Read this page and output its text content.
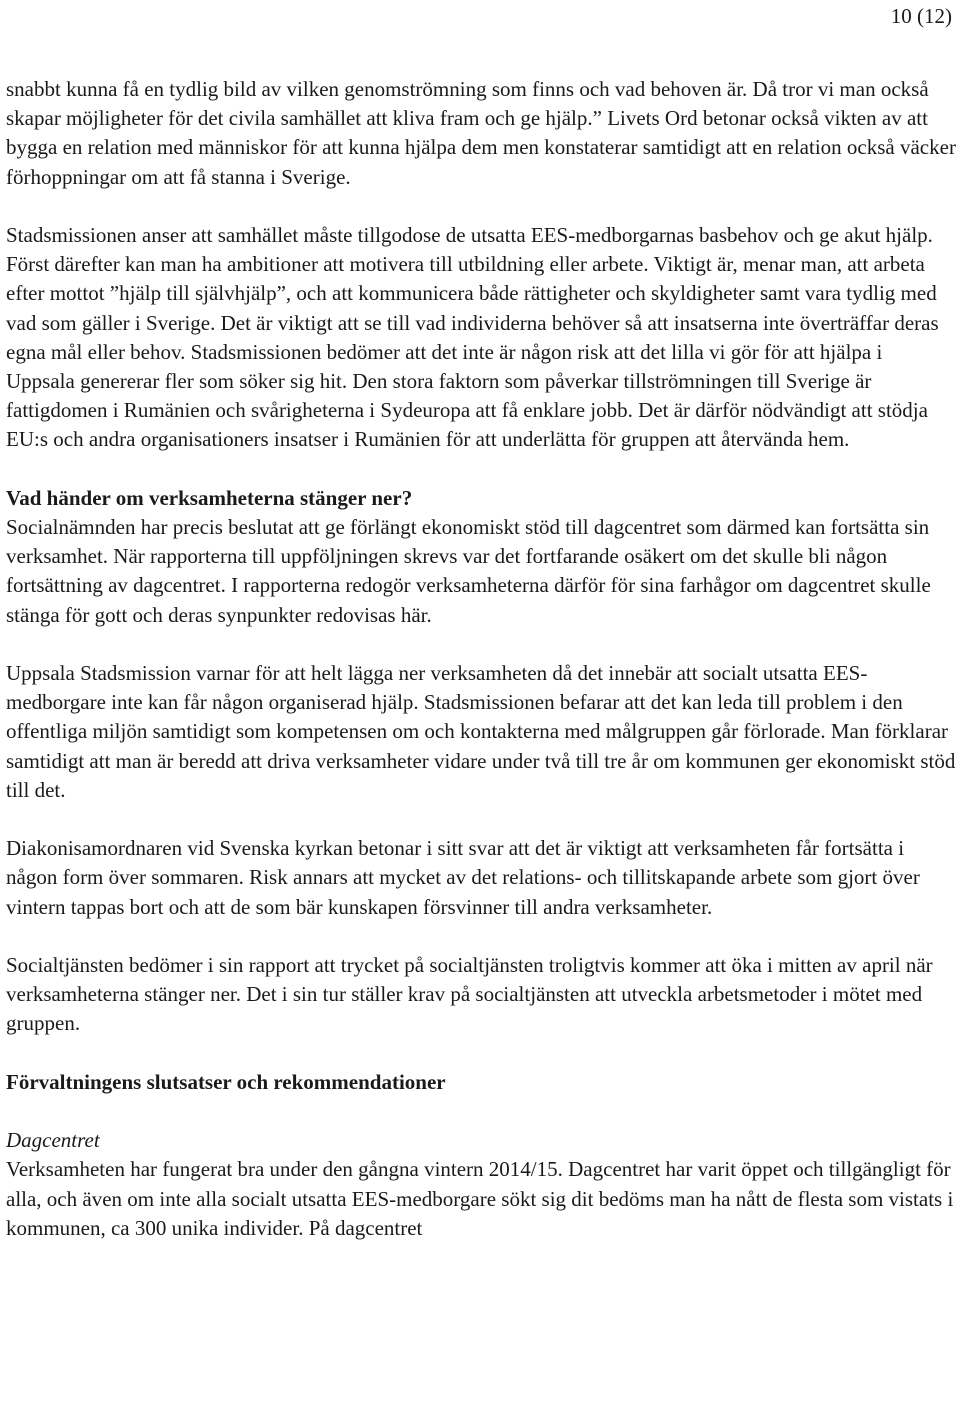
10 (12)

snabbt kunna få en tydlig bild av vilken genomströmning som finns och vad behoven är. Då tror vi man också skapar möjligheter för det civila samhället att kliva fram och ge hjälp.” Livets Ord betonar också vikten av att bygga en relation med människor för att kunna hjälpa dem men konstaterar samtidigt att en relation också väcker förhoppningar om att få stanna i Sverige.

Stadsmissionen anser att samhället måste tillgodose de utsatta EES-medborgarnas basbehov och ge akut hjälp. Först därefter kan man ha ambitioner att motivera till utbildning eller arbete. Viktigt är, menar man, att arbeta efter mottot ”hjälp till självhjälp”, och att kommunicera både rättigheter och skyldigheter samt vara tydlig med vad som gäller i Sverige. Det är viktigt att se till vad individerna behöver så att insatserna inte överträffar deras egna mål eller behov. Stadsmissionen bedömer att det inte är någon risk att det lilla vi gör för att hjälpa i Uppsala genererar fler som söker sig hit. Den stora faktorn som påverkar tillströmningen till Sverige är fattigdomen i Rumänien och svårigheterna i Sydeuropa att få enklare jobb. Det är därför nödvändigt att stödja EU:s och andra organisationers insatser i Rumänien för att underlätta för gruppen att återvända hem.

Vad händer om verksamheterna stänger ner?

Socialnämnden har precis beslutat att ge förlängt ekonomiskt stöd till dagcentret som därmed kan fortsätta sin verksamhet. När rapporterna till uppföljningen skrevs var det fortfarande osäkert om det skulle bli någon fortsättning av dagcentret. I rapporterna redogör verksamheterna därför för sina farhågor om dagcentret skulle stänga för gott och deras synpunkter redovisas här.

Uppsala Stadsmission varnar för att helt lägga ner verksamheten då det innebär att socialt utsatta EES-medborgare inte kan får någon organiserad hjälp. Stadsmissionen befarar att det kan leda till problem i den offentliga miljön samtidigt som kompetensen om och kontakterna med målgruppen går förlorade. Man förklarar samtidigt att man är beredd att driva verksamheter vidare under två till tre år om kommunen ger ekonomiskt stöd till det.

Diakonisamordnaren vid Svenska kyrkan betonar i sitt svar att det är viktigt att verksamheten får fortsätta i någon form över sommaren. Risk annars att mycket av det relations- och tillitskapande arbete som gjort över vintern tappas bort och att de som bär kunskapen försvinner till andra verksamheter.

Socialtjänsten bedömer i sin rapport att trycket på socialtjänsten troligtvis kommer att öka i mitten av april när verksamheterna stänger ner. Det i sin tur ställer krav på socialtjänsten att utveckla arbetsmetoder i mötet med gruppen.

Förvaltningens slutsatser och rekommendationer

Dagcentret

Verksamheten har fungerat bra under den gångna vintern 2014/15. Dagcentret har varit öppet och tillgängligt för alla, och även om inte alla socialt utsatta EES-medborgare sökt sig dit bedöms man ha nått de flesta som vistats i kommunen, ca 300 unika individer. På dagcentret
